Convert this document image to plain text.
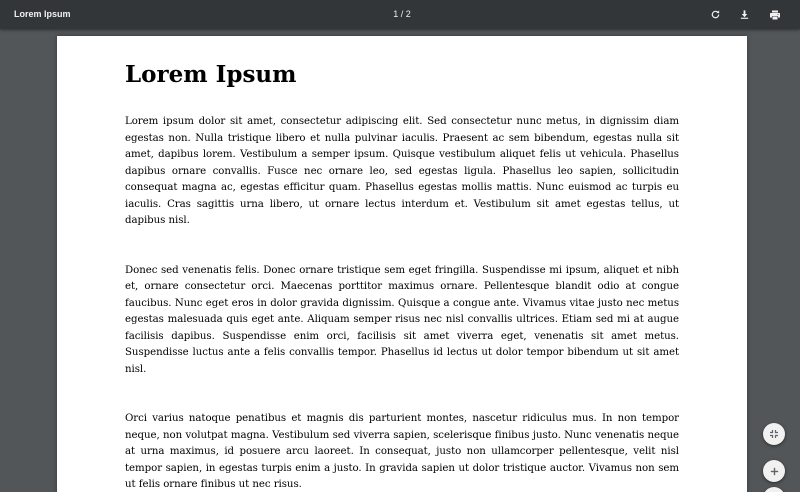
Lorem Ipsum	1 / 2
Lorem Ipsum

Lorem ipsum dolor sit amet, consectetur adipiscing elit. Sed consectetur nunc metus, in dignissim diam egestas non. Nulla tristique libero et nulla pulvinar iaculis. Praesent ac sem bibendum, egestas nulla sit amet, dapibus lorem. Vestibulum a semper ipsum. Quisque vestibulum aliquet felis ut vehicula. Phasellus dapibus ornare convallis. Fusce nec ornare leo, sed egestas ligula. Phasellus leo sapien, sollicitudin consequat magna ac, egestas efficitur quam. Phasellus egestas mollis mattis. Nunc euismod ac turpis eu iaculis. Cras sagittis urna libero, ut ornare lectus interdum et. Vestibulum sit amet egestas tellus, ut dapibus nisl.

Donec sed venenatis felis. Donec ornare tristique sem eget fringilla. Suspendisse mi ipsum, aliquet et nibh et, ornare consectetur orci. Maecenas porttitor maximus ornare. Pellentesque blandit odio at congue faucibus. Nunc eget eros in dolor gravida dignissim. Quisque a congue ante. Vivamus vitae justo nec metus egestas malesuada quis eget ante. Aliquam semper risus nec nisl convallis ultrices. Etiam sed mi at augue facilisis dapibus. Suspendisse enim orci, facilisis sit amet viverra eget, venenatis sit amet metus. Suspendisse luctus ante a felis convallis tempor. Phasellus id lectus ut dolor tempor bibendum ut sit amet nisl.

Orci varius natoque penatibus et magnis dis parturient montes, nascetur ridiculus mus. In non tempor neque, non volutpat magna. Vestibulum sed viverra sapien, scelerisque finibus justo. Nunc venenatis neque at urna maximus, id posuere arcu laoreet. In consequat, justo non ullamcorper pellentesque, velit nisl tempor sapien, in egestas turpis enim a justo. In gravida sapien ut dolor tristique auctor. Vivamus non sem ut felis ornare finibus ut nec risus.
